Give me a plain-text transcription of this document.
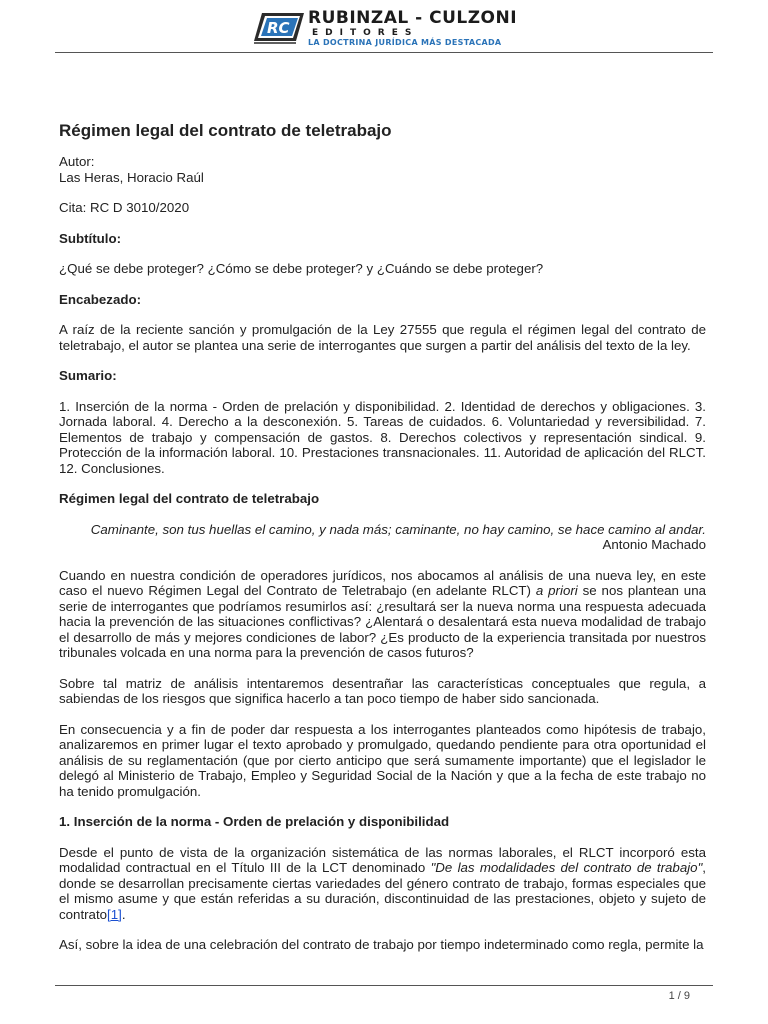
RC RUBINZAL - CULZONI
EDITORES
LA DOCTRINA JURÍDICA MÁS DESTACADA
Régimen legal del contrato de teletrabajo

Autor:

Las Heras, Horacio Raúl

Cita: RC D 3010/2020

Subtítulo:

¿Qué se debe proteger? ¿Cómo se debe proteger? y ¿Cuándo se debe proteger?

Encabezado:

A raíz de la reciente sanción y promulgación de la Ley 27555 que regula el régimen legal del contrato de teletrabajo, el autor se plantea una serie de interrogantes que surgen a partir del análisis del texto de la ley.

Sumario:

1. Inserción de la norma - Orden de prelación y disponibilidad. 2. Identidad de derechos y obligaciones. 3. Jornada laboral. 4. Derecho a la desconexión. 5. Tareas de cuidados. 6. Voluntariedad y reversibilidad. 7. Elementos de trabajo y compensación de gastos. 8. Derechos colectivos y representación sindical. 9. Protección de la información laboral. 10. Prestaciones transnacionales. 11. Autoridad de aplicación del RLCT. 12. Conclusiones.

Régimen legal del contrato de teletrabajo

Caminante, son tus huellas el camino, y nada más; caminante, no hay camino, se hace camino al andar.

Antonio Machado

Cuando en nuestra condición de operadores jurídicos, nos abocamos al análisis de una nueva ley, en este caso el nuevo Régimen Legal del Contrato de Teletrabajo (en adelante RLCT) a priori se nos plantean una serie de interrogantes que podríamos resumirlos así: ¿resultará ser la nueva norma una respuesta adecuada hacia la prevención de las situaciones conflictivas? ¿Alentará o desalentará esta nueva modalidad de trabajo el desarrollo de más y mejores condiciones de labor? ¿Es producto de la experiencia transitada por nuestros tribunales volcada en una norma para la prevención de casos futuros?

Sobre tal matriz de análisis intentaremos desentrañar las características conceptuales que regula, a sabiendas de los riesgos que significa hacerlo a tan poco tiempo de haber sido sancionada.

En consecuencia y a fin de poder dar respuesta a los interrogantes planteados como hipótesis de trabajo, analizaremos en primer lugar el texto aprobado y promulgado, quedando pendiente para otra oportunidad el análisis de su reglamentación (que por cierto anticipo que será sumamente importante) que el legislador le delegó al Ministerio de Trabajo, Empleo y Seguridad Social de la Nación y que a la fecha de este trabajo no ha tenido promulgación.

1. Inserción de la norma - Orden de prelación y disponibilidad

Desde el punto de vista de la organización sistemática de las normas laborales, el RLCT incorporó esta modalidad contractual en el Título III de la LCT denominado "De las modalidades del contrato de trabajo", donde se desarrollan precisamente ciertas variedades del género contrato de trabajo, formas especiales que el mismo asume y que están referidas a su duración, discontinuidad de las prestaciones, objeto y sujeto de contrato[1].

Así, sobre la idea de una celebración del contrato de trabajo por tiempo indeterminado como regla, permite la

1 / 9
